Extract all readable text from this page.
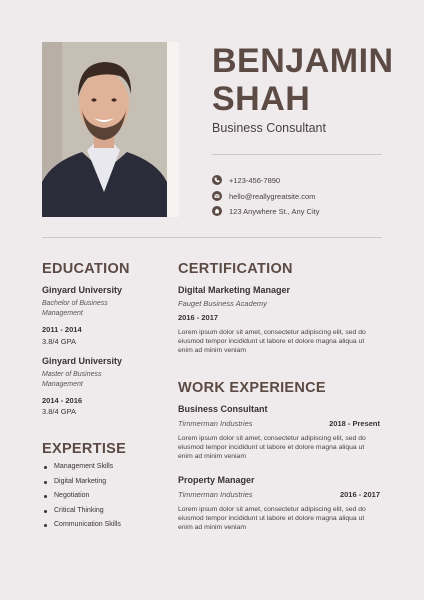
BENJAMIN SHAH
Business Consultant
+123-456-7890
hello@reallygreatsite.com
123 Anywhere St., Any City
EDUCATION
Ginyard University
Bachelor of Business Management
2011 - 2014
3.8/4 GPA
Ginyard University
Master of Business Management
2014 - 2016
3.8/4 GPA
EXPERTISE
Management Skills
Digital Marketing
Negotiation
Critical Thinking
Communication Skills
CERTIFICATION
Digital Marketing Manager
Fauget Business Academy
2016 - 2017
Lorem ipsum dolor sit amet, consectetur adipiscing elit, sed do eiusmod tempor incididunt ut labore et dolore magna aliqua ut enim ad minim veniam
WORK EXPERIENCE
Business Consultant
Timmerman Industries	2018 - Present
Lorem ipsum dolor sit amet, consectetur adipiscing elit, sed do eiusmod tempor incididunt ut labore et dolore magna aliqua ut enim ad minim veniam
Property Manager
Timmerman Industries	2016 - 2017
Lorem ipsum dolor sit amet, consectetur adipiscing elit, sed do eiusmod tempor incididunt ut labore et dolore magna aliqua ut enim ad minim veniam
